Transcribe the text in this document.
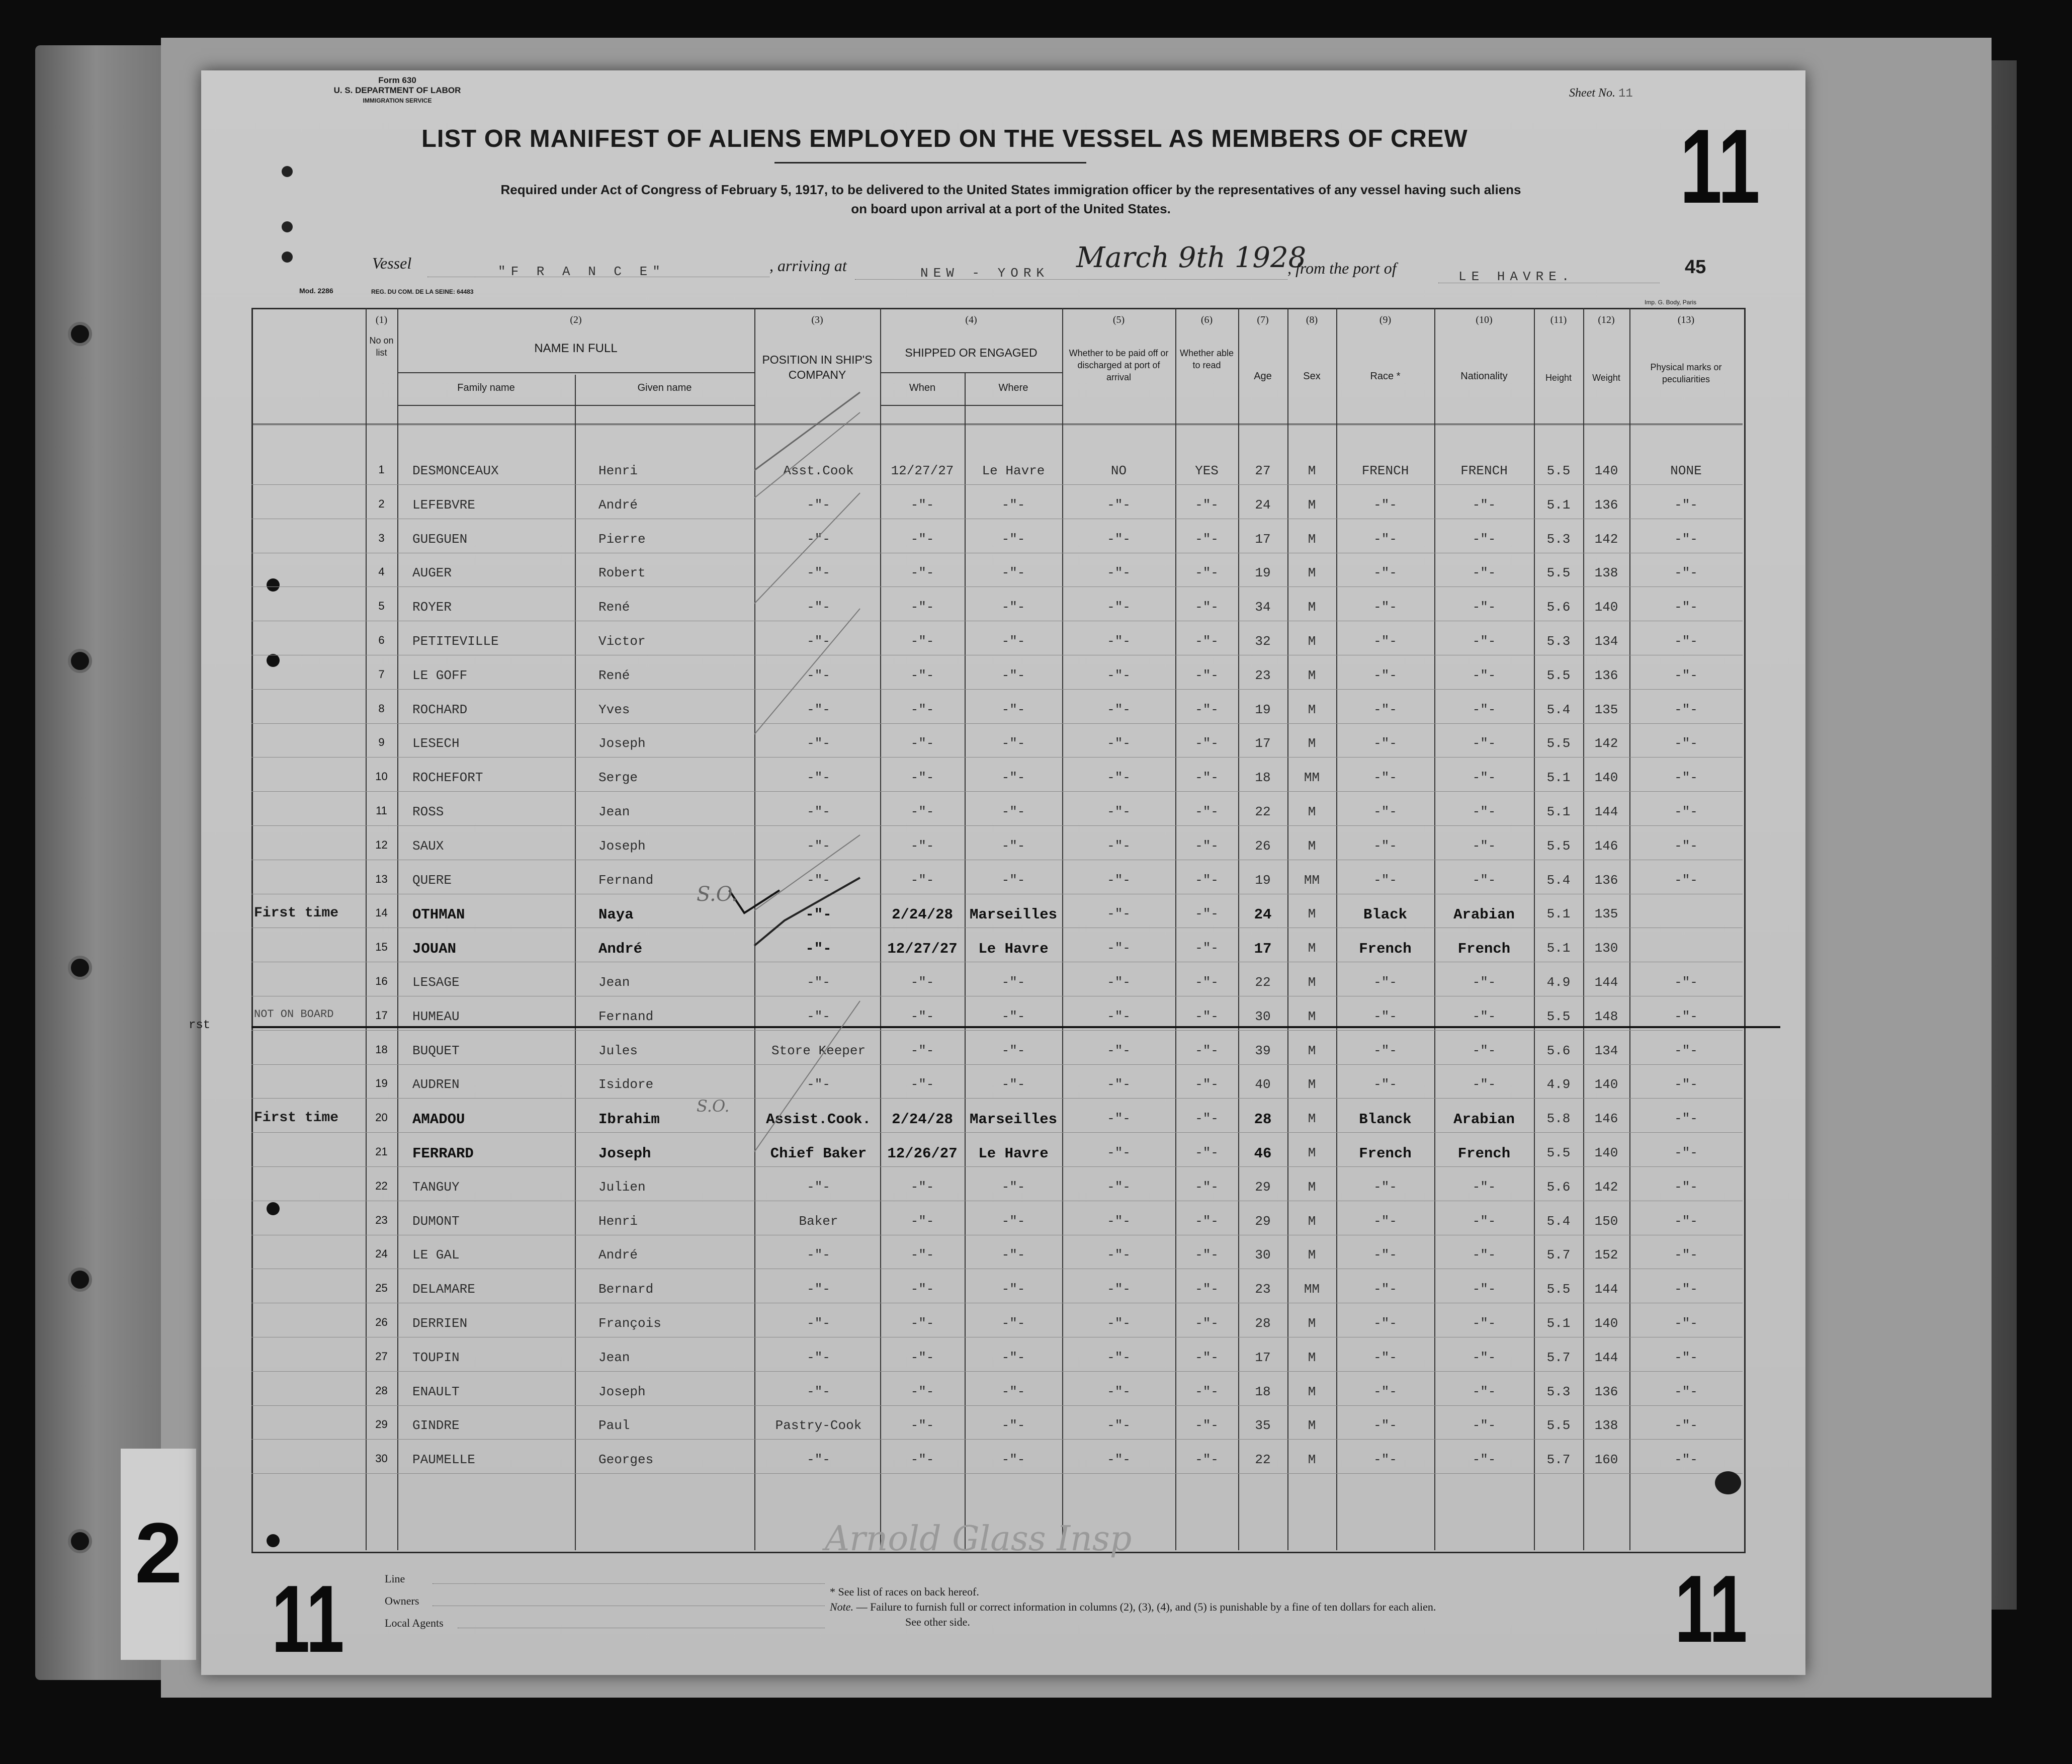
2
Form 630
U. S. DEPARTMENT OF LABOR
IMMIGRATION SERVICE
Sheet No. 11
LIST OR MANIFEST OF ALIENS EMPLOYED ON THE VESSEL AS MEMBERS OF CREW
Required under Act of Congress of February 5, 1917, to be delivered to the United States immigration officer by the representatives of any vessel having such aliens
on board upon arrival at a port of the United States.	11
Vessel	"F R A N C E"	, arriving at	NEW - YORK March 9th 1928
, from the port of	LE HAVRE.	45
Mod. 2286	REG. DU COM. DE LA SEINE: 64483
Imp. G. Body, Paris
(1)
No on list
(2)
NAME IN FULL
Family name	Given name
(3)
POSITION IN SHIP'S COMPANY
(4)
SHIPPED OR ENGAGED
When	Where
(5)
Whether to be paid off or discharged at port of arrival
(6)
Whether able to read
(7)
Age
(8)
Sex
(9)
Race *
(10)
Nationality
(11)
Height
(12)
Weight
(13)
Physical marks or peculiarities
1	DESMONCEAUX	Henri	Asst.Cook	12/27/27	Le Havre	NO	YES	27	M	FRENCH	FRENCH	5.5	140	NONE
2	LEFEBVRE	André	-"-	-"-	-"-	-"-	-"-	24	M	-"-	-"-	5.1	136	-"-
3	GUEGUEN	Pierre	-"-	-"-	-"-	-"-	-"-	17	M	-"-	-"-	5.3	142	-"-
4	AUGER	Robert	-"-	-"-	-"-	-"-	-"-	19	M	-"-	-"-	5.5	138	-"-
5	ROYER	René	-"-	-"-	-"-	-"-	-"-	34	M	-"-	-"-	5.6	140	-"-
6	PETITEVILLE	Victor	-"-	-"-	-"-	-"-	-"-	32	M	-"-	-"-	5.3	134	-"-
7	LE GOFF	René	-"-	-"-	-"-	-"-	-"-	23	M	-"-	-"-	5.5	136	-"-
8	ROCHARD	Yves	-"-	-"-	-"-	-"-	-"-	19	M	-"-	-"-	5.4	135	-"-
9	LESECH	Joseph	-"-	-"-	-"-	-"-	-"-	17	M	-"-	-"-	5.5	142	-"-
10	ROCHEFORT	Serge	-"-	-"-	-"-	-"-	-"-	18	MM	-"-	-"-	5.1	140	-"-
11	ROSS	Jean	-"-	-"-	-"-	-"-	-"-	22	M	-"-	-"-	5.1	144	-"-
12	SAUX	Joseph	-"-	-"-	-"-	-"-	-"-	26	M	-"-	-"-	5.5	146	-"-
13	QUERE	Fernand	-"-	-"-	-"-	-"-	-"-	19	MM	-"-	-"-	5.4	136	-"-
14	OTHMAN	Naya	-"-	2/24/28	Marseilles	-"-	-"-	24	M	Black	Arabian	5.1	135
First time
15	JOUAN	André	-"-	12/27/27	Le Havre	-"-	-"-	17	M	French	French	5.1	130
16	LESAGE	Jean	-"-	-"-	-"-	-"-	-"-	22	M	-"-	-"-	4.9	144	-"-
17	HUMEAU	Fernand	-"-	-"-	-"-	-"-	-"-	30	M	-"-	-"-	5.5	148	-"-
NOT ON BOARD
18	BUQUET	Jules	Store Keeper	-"-	-"-	-"-	-"-	39	M	-"-	-"-	5.6	134	-"-
19	AUDREN	Isidore	-"-	-"-	-"-	-"-	-"-	40	M	-"-	-"-	4.9	140	-"-
20	AMADOU	Ibrahim	Assist.Cook.	2/24/28	Marseilles	-"-	-"-	28	M	Blanck	Arabian	5.8	146	-"-
First time
21	FERRARD	Joseph	Chief Baker	12/26/27	Le Havre	-"-	-"-	46	M	French	French	5.5	140	-"-
22	TANGUY	Julien	-"-	-"-	-"-	-"-	-"-	29	M	-"-	-"-	5.6	142	-"-
23	DUMONT	Henri	Baker	-"-	-"-	-"-	-"-	29	M	-"-	-"-	5.4	150	-"-
24	LE GAL	André	-"-	-"-	-"-	-"-	-"-	30	M	-"-	-"-	5.7	152	-"-
25	DELAMARE	Bernard	-"-	-"-	-"-	-"-	-"-	23	MM	-"-	-"-	5.5	144	-"-
26	DERRIEN	François	-"-	-"-	-"-	-"-	-"-	28	M	-"-	-"-	5.1	140	-"-
27	TOUPIN	Jean	-"-	-"-	-"-	-"-	-"-	17	M	-"-	-"-	5.7	144	-"-
28	ENAULT	Joseph	-"-	-"-	-"-	-"-	-"-	18	M	-"-	-"-	5.3	136	-"-
29	GINDRE	Paul	Pastry-Cook	-"-	-"-	-"-	-"-	35	M	-"-	-"-	5.5	138	-"-
30	PAUMELLE	Georges	-"-	-"-	-"-	-"-	-"-	22	M	-"-	-"-	5.7	160	-"-
S.O.
S.O.
rst
Arnold Glass Insp
Line
Owners
Local Agents
* See list of races on back hereof.
Note. — Failure to furnish full or correct information in columns (2), (3), (4), and (5) is punishable by a fine of ten dollars for each alien.
See other side.
11	11
